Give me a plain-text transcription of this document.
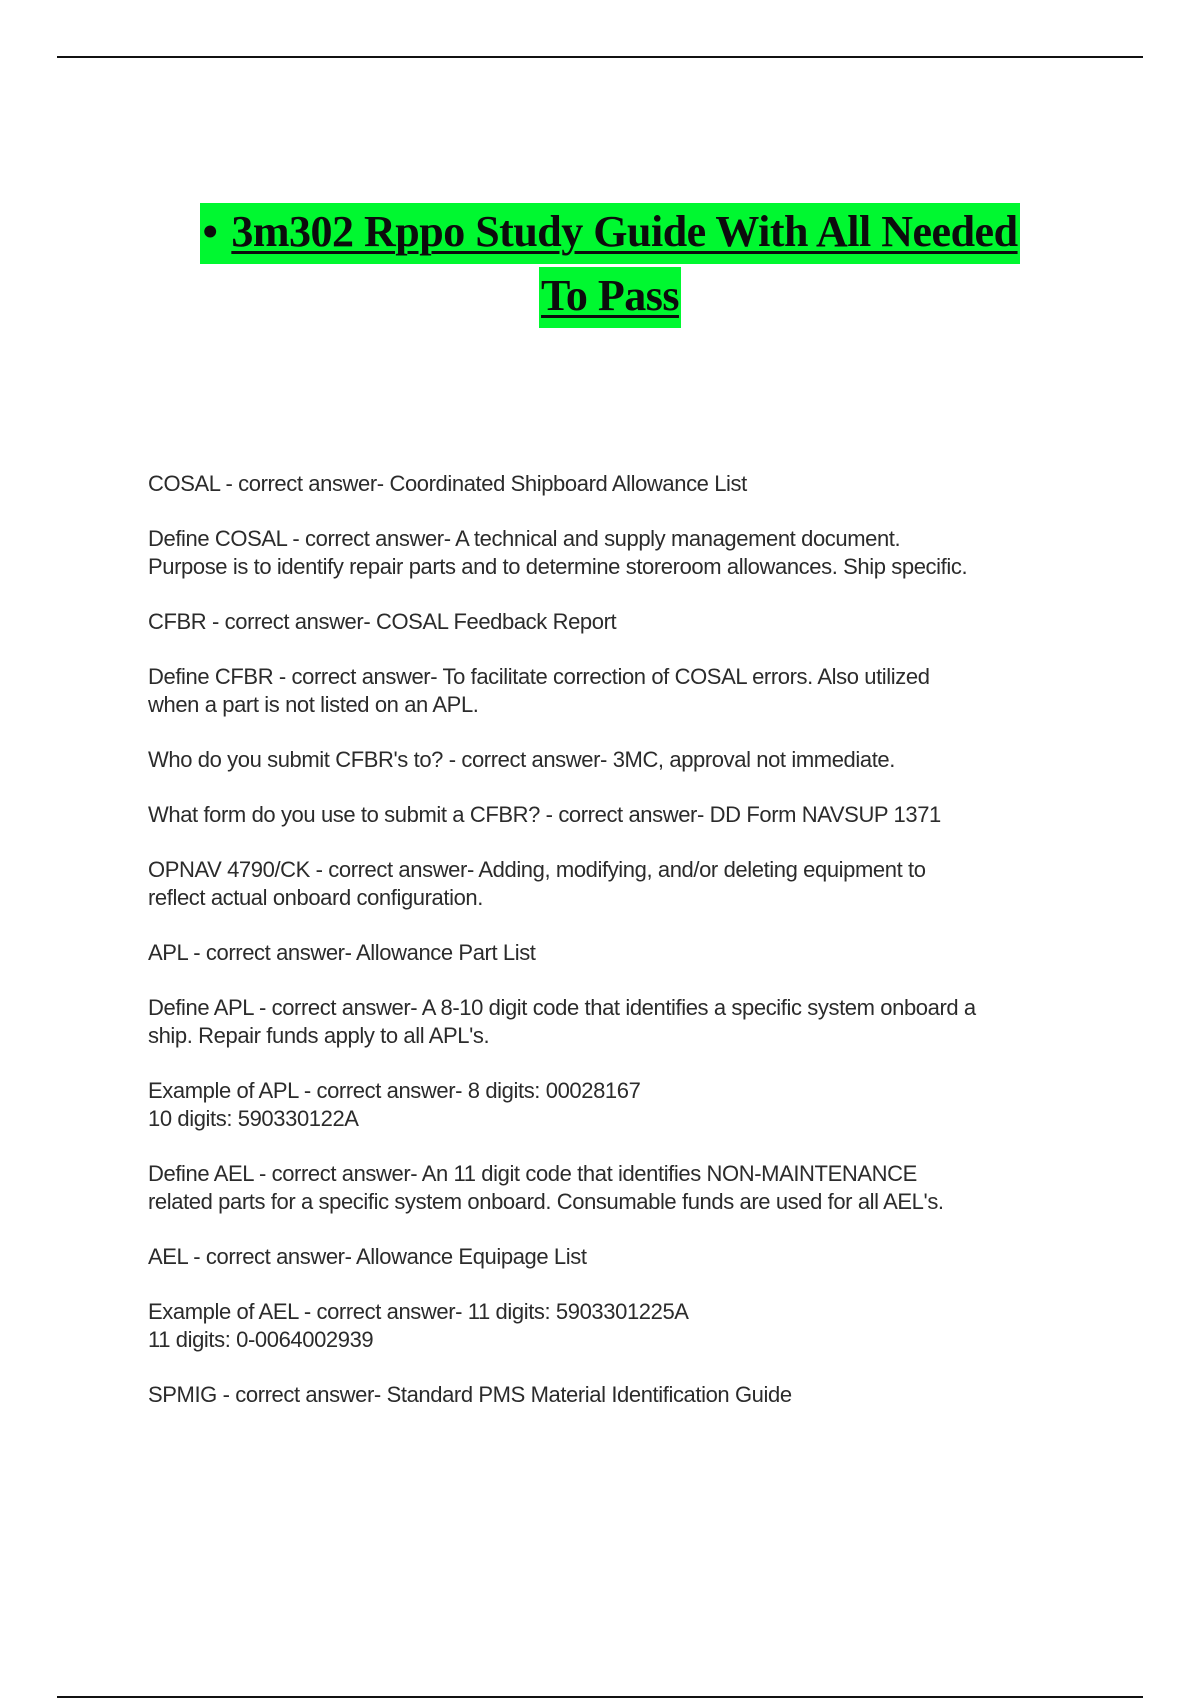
• 3m302 Rppo Study Guide With All Needed
To Pass

COSAL - correct answer- Coordinated Shipboard Allowance List

Define COSAL - correct answer- A technical and supply management document.
Purpose is to identify repair parts and to determine storeroom allowances. Ship specific.

CFBR - correct answer- COSAL Feedback Report

Define CFBR - correct answer- To facilitate correction of COSAL errors. Also utilized
when a part is not listed on an APL.

Who do you submit CFBR's to? - correct answer- 3MC, approval not immediate.

What form do you use to submit a CFBR? - correct answer- DD Form NAVSUP 1371

OPNAV 4790/CK - correct answer- Adding, modifying, and/or deleting equipment to
reflect actual onboard configuration.

APL - correct answer- Allowance Part List

Define APL - correct answer- A 8-10 digit code that identifies a specific system onboard a
ship. Repair funds apply to all APL's.

Example of APL - correct answer- 8 digits: 00028167
10 digits: 590330122A

Define AEL - correct answer- An 11 digit code that identifies NON-MAINTENANCE
related parts for a specific system onboard. Consumable funds are used for all AEL's.

AEL - correct answer- Allowance Equipage List

Example of AEL - correct answer- 11 digits: 5903301225A
11 digits: 0-0064002939

SPMIG - correct answer- Standard PMS Material Identification Guide
